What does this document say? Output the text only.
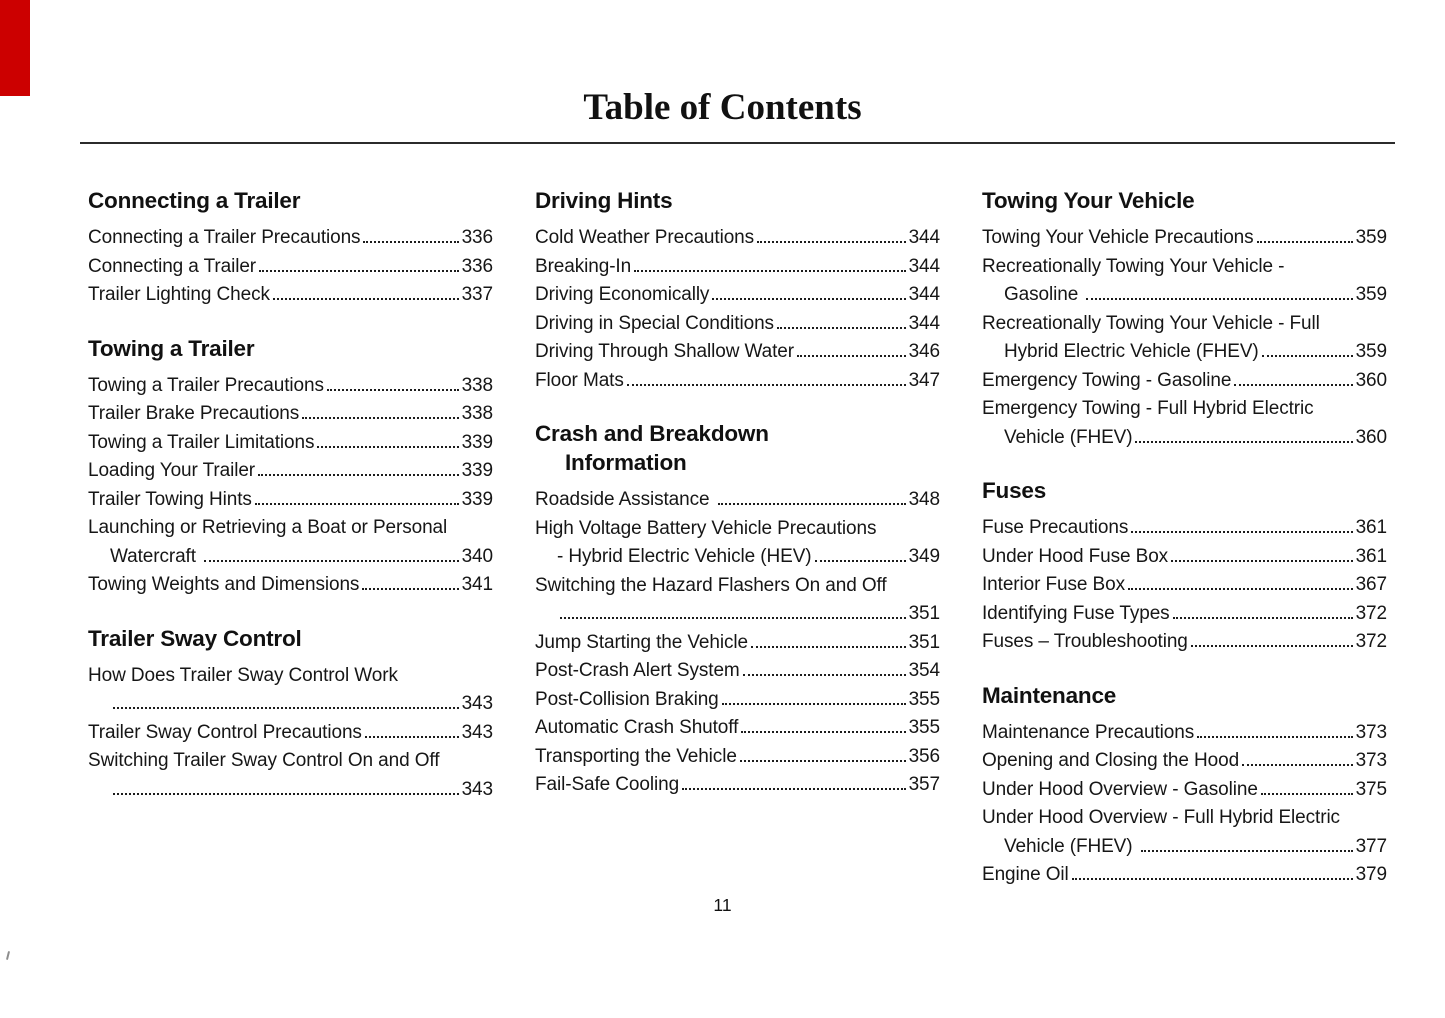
Table of Contents
Connecting a Trailer
Connecting a Trailer Precautions	336
Connecting a Trailer	336
Trailer Lighting Check	337
Towing a Trailer
Towing a Trailer Precautions	338
Trailer Brake Precautions	338
Towing a Trailer Limitations	339
Loading Your Trailer	339
Trailer Towing Hints	339
Launching or Retrieving a Boat or Personal
Watercraft	340
Towing Weights and Dimensions	341
Trailer Sway Control
How Does Trailer Sway Control Work
343
Trailer Sway Control Precautions	343
Switching Trailer Sway Control On and Off
343
Driving Hints
Cold Weather Precautions	344
Breaking-In	344
Driving Economically	344
Driving in Special Conditions	344
Driving Through Shallow Water	346
Floor Mats	347
Crash and Breakdown
Information
Roadside Assistance	348
High Voltage Battery Vehicle Precautions
- Hybrid Electric Vehicle (HEV)	349
Switching the Hazard Flashers On and Off
351
Jump Starting the Vehicle	351
Post-Crash Alert System	354
Post-Collision Braking	355
Automatic Crash Shutoff	355
Transporting the Vehicle	356
Fail-Safe Cooling	357
Towing Your Vehicle
Towing Your Vehicle Precautions	359
Recreationally Towing Your Vehicle -
Gasoline	359
Recreationally Towing Your Vehicle - Full
Hybrid Electric Vehicle (FHEV)	359
Emergency Towing - Gasoline	360
Emergency Towing - Full Hybrid Electric
Vehicle (FHEV)	360
Fuses
Fuse Precautions	361
Under Hood Fuse Box	361
Interior Fuse Box	367
Identifying Fuse Types	372
Fuses – Troubleshooting	372
Maintenance
Maintenance Precautions	373
Opening and Closing the Hood	373
Under Hood Overview - Gasoline	375
Under Hood Overview - Full Hybrid Electric
Vehicle (FHEV)	377
Engine Oil	379
11
